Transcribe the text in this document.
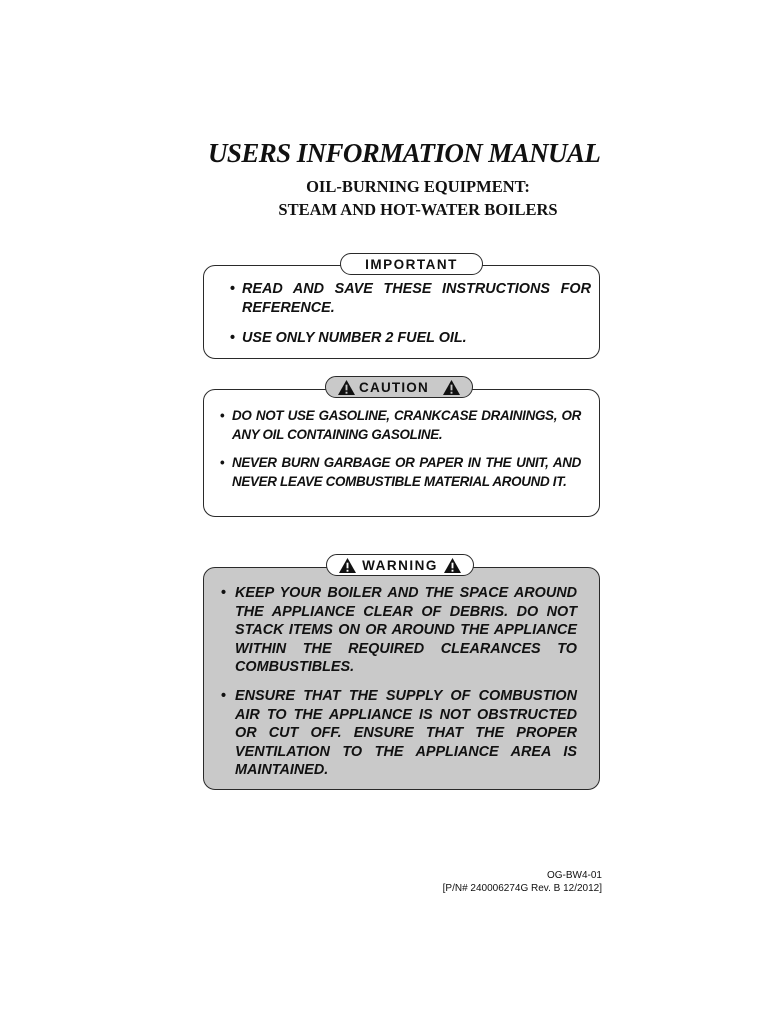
USERS INFORMATION MANUAL
OIL-BURNING EQUIPMENT:
STEAM AND HOT-WATER BOILERS
• READ AND SAVE THESE INSTRUCTIONS FOR REFERENCE.
• USE ONLY NUMBER 2 FUEL OIL.
IMPORTANT
• DO NOT USE GASOLINE, CRANKCASE DRAININGS, OR ANY OIL CONTAINING GASOLINE.
• NEVER BURN GARBAGE OR PAPER IN THE UNIT, AND NEVER LEAVE COMBUSTIBLE MATERIAL AROUND IT.
CAUTION
• KEEP YOUR BOILER AND THE SPACE AROUND THE APPLIANCE CLEAR OF DEBRIS. DO NOT STACK ITEMS ON OR AROUND THE APPLIANCE WITHIN THE REQUIRED CLEARANCES TO COMBUSTIBLES.
• ENSURE THAT THE SUPPLY OF COMBUSTION AIR TO THE APPLIANCE IS NOT OBSTRUCTED OR CUT OFF. ENSURE THAT THE PROPER VENTILATION TO THE APPLIANCE AREA IS MAINTAINED.
WARNING
OG-BW4-01
[P/N# 240006274G Rev. B 12/2012]
